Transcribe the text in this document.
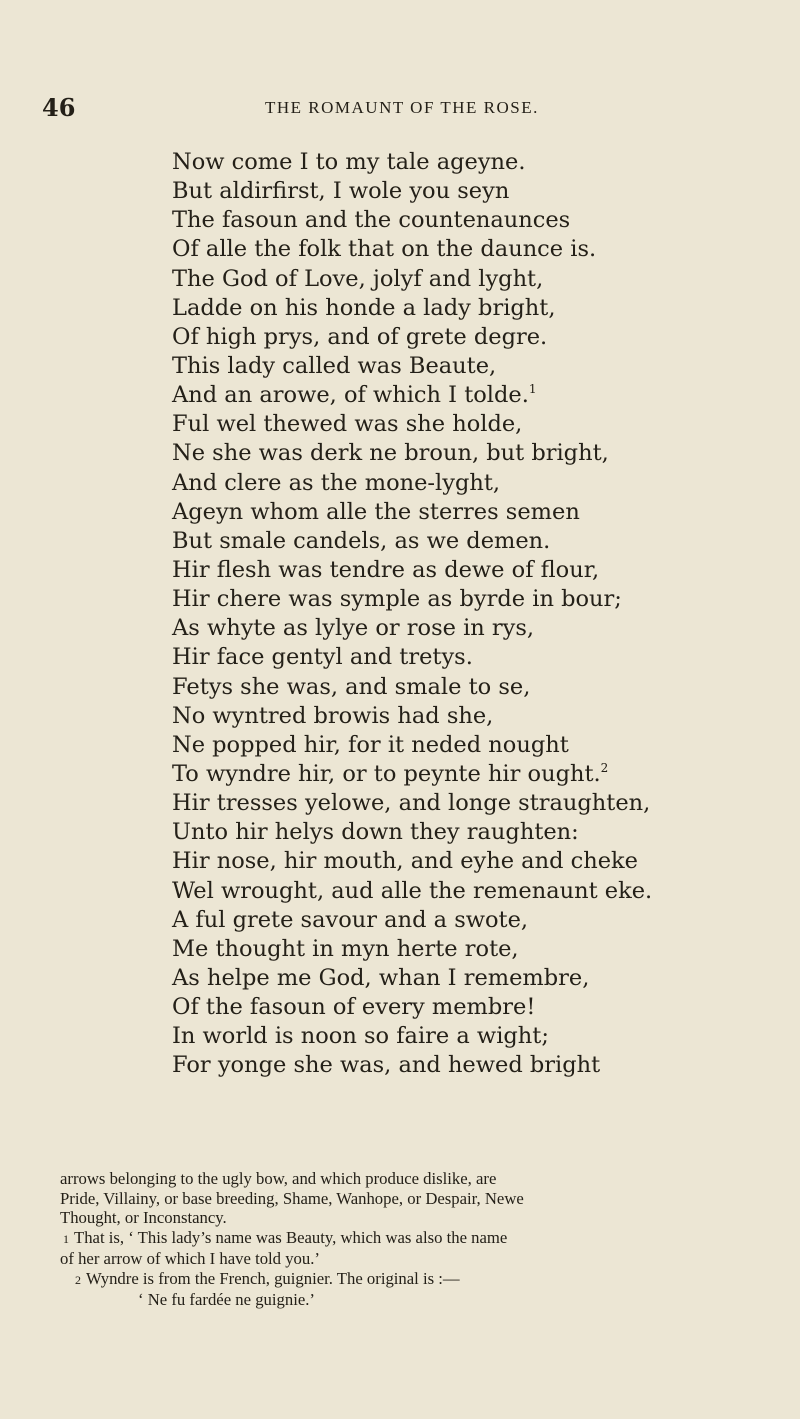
46	THE ROMAUNT OF THE ROSE.
Now come I to my tale ageyne.
But aldirfirst, I wole you seyn
The fasoun and the countenaunces
Of alle the folk that on the daunce is.
The God of Love, jolyf and lyght,
Ladde on his honde a lady bright,
Of high prys, and of grete degre.
This lady called was Beaute,
And an arowe, of which I tolde.$^1$
Ful wel thewed was she holde,
Ne she was derk ne broun, but bright,
And clere as the mone-lyght,
Ageyn whom alle the sterres semen
But smale candels, as we demen.
Hir flesh was tendre as dewe of flour,
Hir chere was symple as byrde in bour;
As whyte as lylye or rose in rys,
Hir face gentyl and tretys.
Fetys she was, and smale to se,
No wyntred browis had she,
Ne popped hir, for it neded nought
To wyndre hir, or to peynte hir ought.$^2$
Hir tresses yelowe, and longe straughten,
Unto hir helys down they raughten:
Hir nose, hir mouth, and eyhe and cheke
Wel wrought, aud alle the remenaunt eke.
A ful grete savour and a swote,
Me thought in myn herte rote,
As helpe me God, whan I remembre,
Of the fasoun of every membre!
In world is noon so faire a wight;
For yonge she was, and hewed bright
arrows belonging to the ugly bow, and which produce dislike, are
Pride, Villainy, or base breeding, Shame, Wanhope, or Despair, Newe
Thought, or Inconstancy.
1 That is, ‘ This lady’s name was Beauty, which was also the name
of her arrow of which I have told you.’
2 Wyndre is from the French, guignier. The original is :—
‘ Ne fu fardée ne guignie.’
